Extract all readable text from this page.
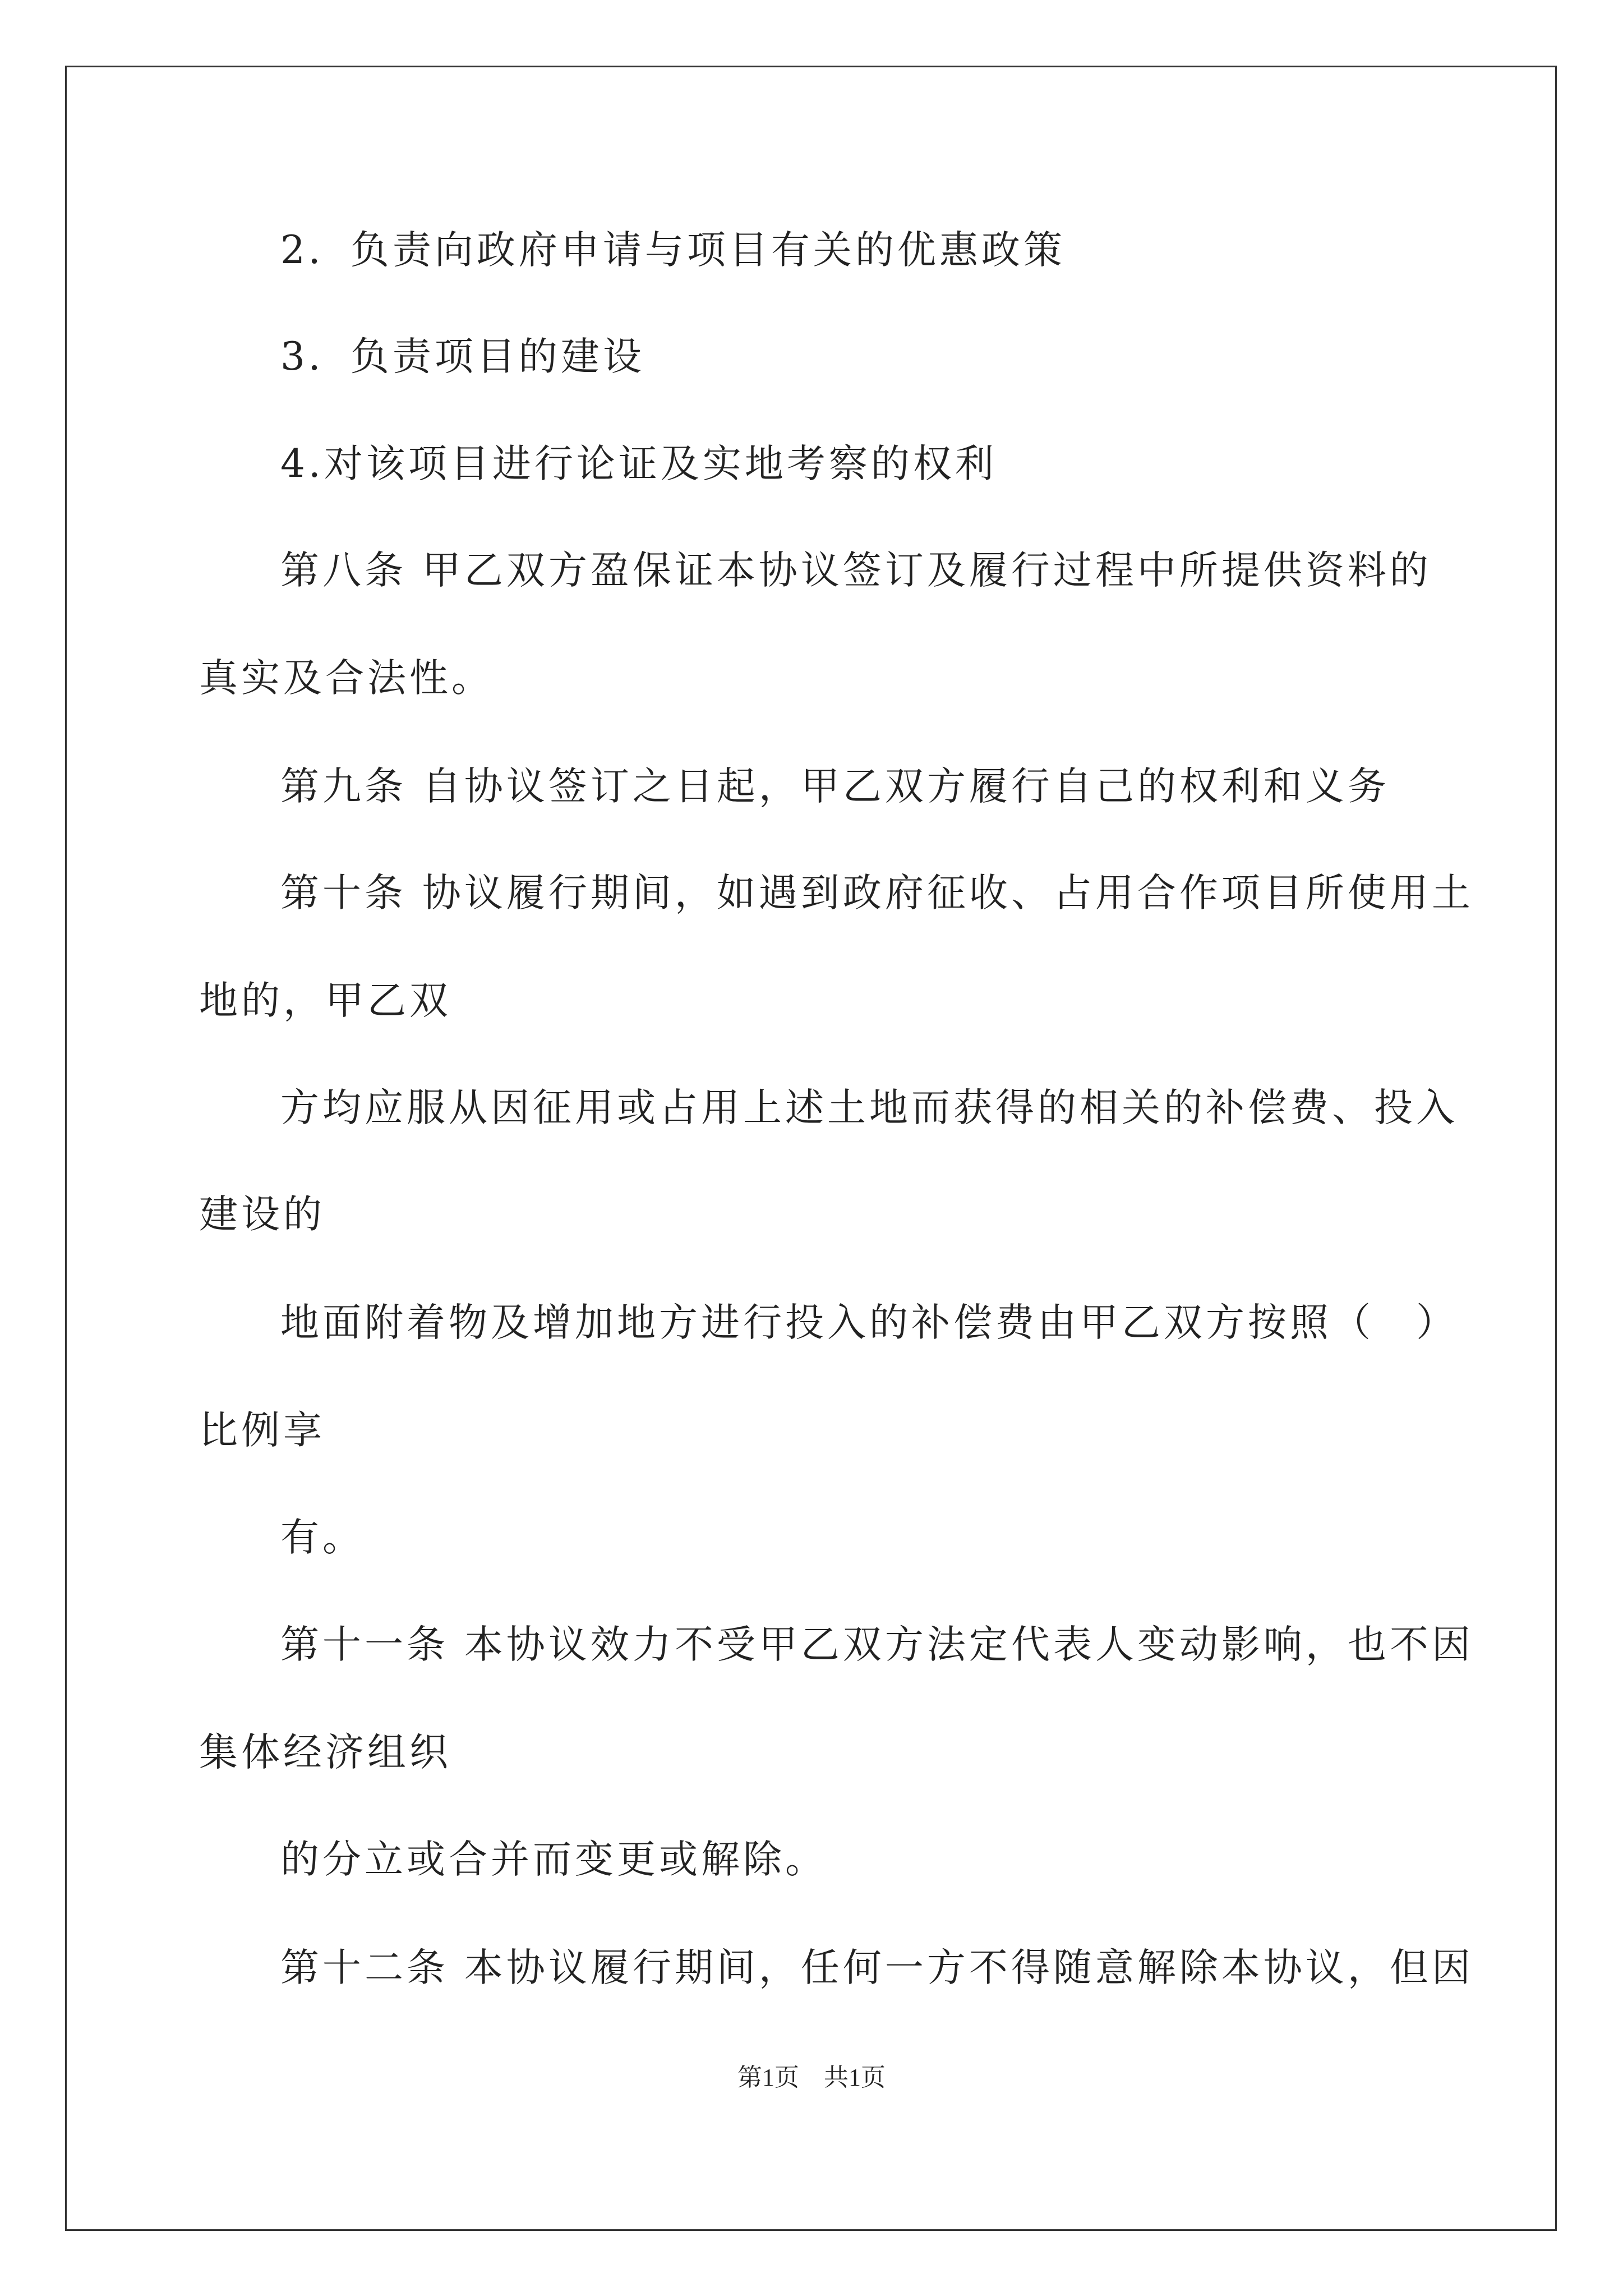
2．负责向政府申请与项目有关的优惠政策
3．负责项目的建设
4.对该项目进行论证及实地考察的权利
第八条 甲乙双方盈保证本协议签订及履行过程中所提供资料的
真实及合法性。
第九条 自协议签订之日起，甲乙双方履行自己的权利和义务
第十条 协议履行期间，如遇到政府征收、占用合作项目所使用土
地的，甲乙双
方均应服从因征用或占用上述土地而获得的相关的补偿费、投入
建设的
地面附着物及增加地方进行投入的补偿费由甲乙双方按照（　）
比例享
有。
第十一条 本协议效力不受甲乙双方法定代表人变动影响，也不因
集体经济组织
的分立或合并而变更或解除。
第十二条 本协议履行期间，任何一方不得随意解除本协议，但因
第1页　共1页
